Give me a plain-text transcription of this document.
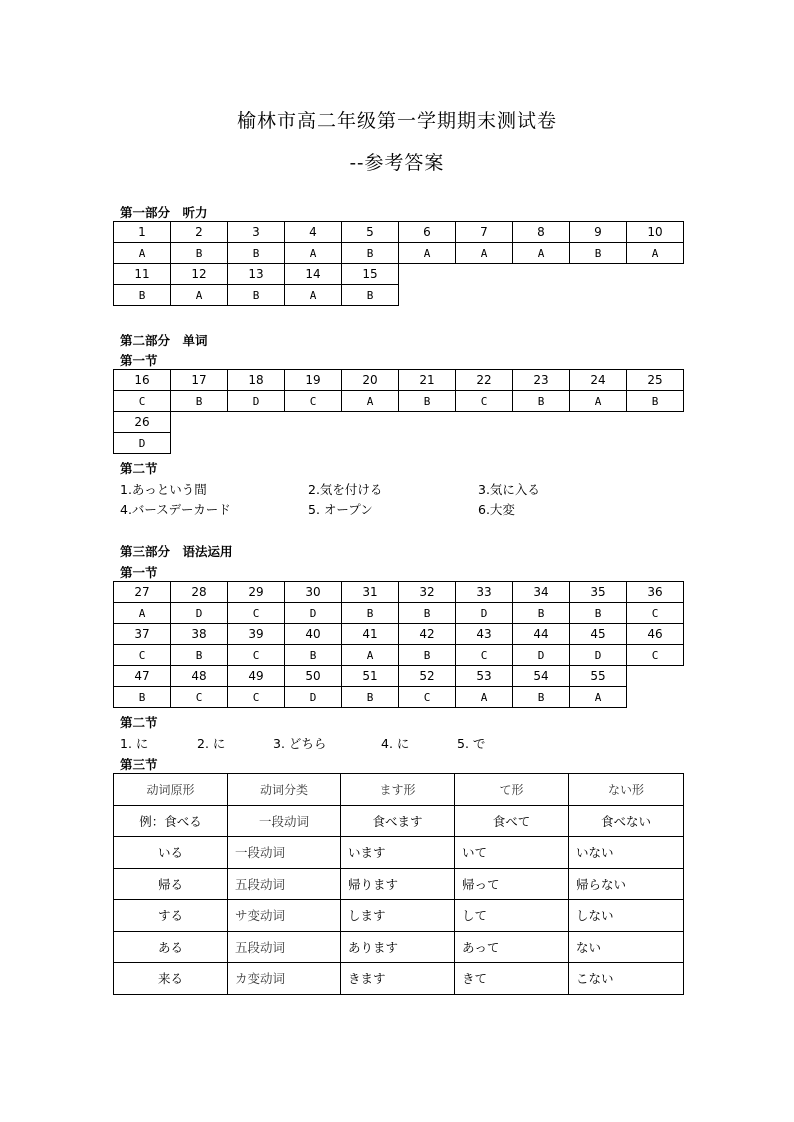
榆林市高二年级第一学期期末测试卷
--参考答案
第一部分　听力
1	2	3	4	5	6	7	8	9	10
A	B	B	A	B	A	A	A	B	A
11	12	13	14	15					
B	A	B	A	B					
第二部分　单词
第一节
16	17	18	19	20	21	22	23	24	25
C	B	D	C	A	B	C	B	A	B
26									
D									
第二节
1.あっという間	2.気を付ける	3.気に入る
4.バースデーカード	5. オープン	6.大変
第三部分　语法运用
第一节
27	28	29	30	31	32	33	34	35	36
A	D	C	D	B	B	D	B	B	C
37	38	39	40	41	42	43	44	45	46
C	B	C	B	A	B	C	D	D	C
47	48	49	50	51	52	53	54	55	
B	C	C	D	B	C	A	B	A	
第二节
1. に	2. に	3. どちら	4. に	5. で
第三节
动词原形	动词分类	ます形	て形	ない形
例：食べる	一段动词	食べます	食べて	食べない
いる	一段动词	います	いて	いない
帰る	五段动词	帰ります	帰って	帰らない
する	サ变动词	します	して	しない
ある	五段动词	あります	あって	ない
来る	カ变动词	きます	きて	こない
